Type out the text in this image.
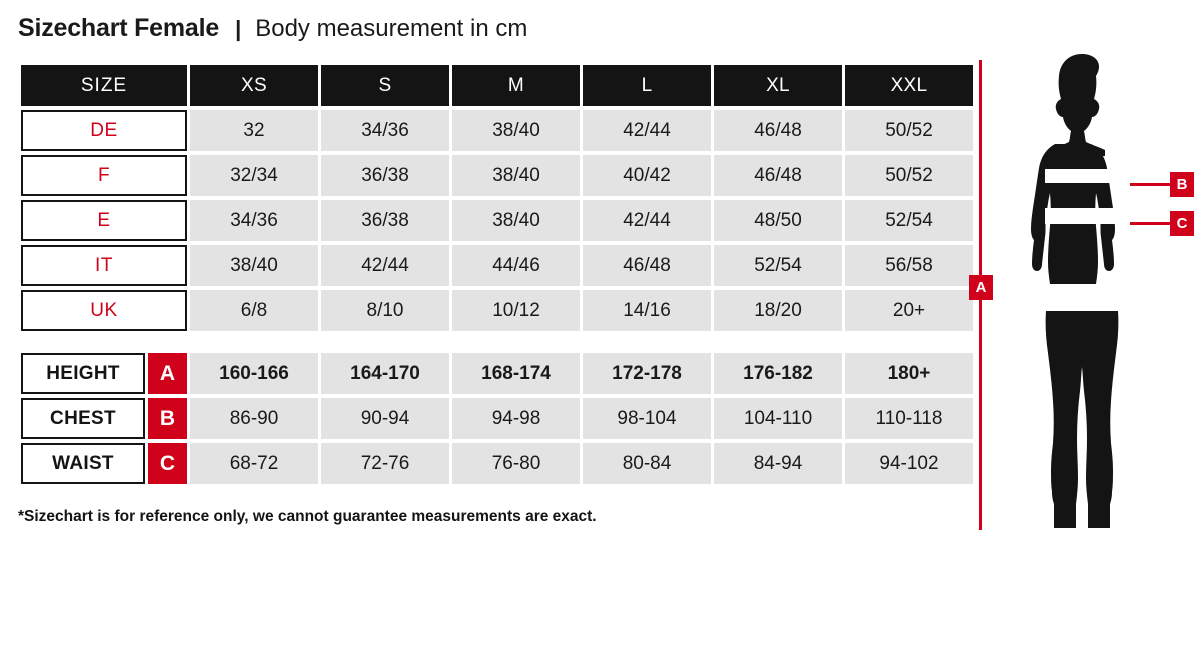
Sizechart Female | Body measurement in cm
SIZE	XS	S	M	L	XL	XXL
DE	32	34/36	38/40	42/44	46/48	50/52
F	32/34	36/38	38/40	40/42	46/48	50/52
E	34/36	36/38	38/40	42/44	48/50	52/54
IT	38/40	42/44	44/46	46/48	52/54	56/58
UK	6/8	8/10	10/12	14/16	18/20	20+

HEIGHT A	160-166	164-170	168-174	172-178	176-182	180+

CHEST B	86-90	90-94	94-98	98-104	104-110	110-118

WAIST C	68-72	72-76	76-80	80-84	84-94	94-102
*Sizechart is for reference only, we cannot guarantee measurements are exact.
A
B
C
